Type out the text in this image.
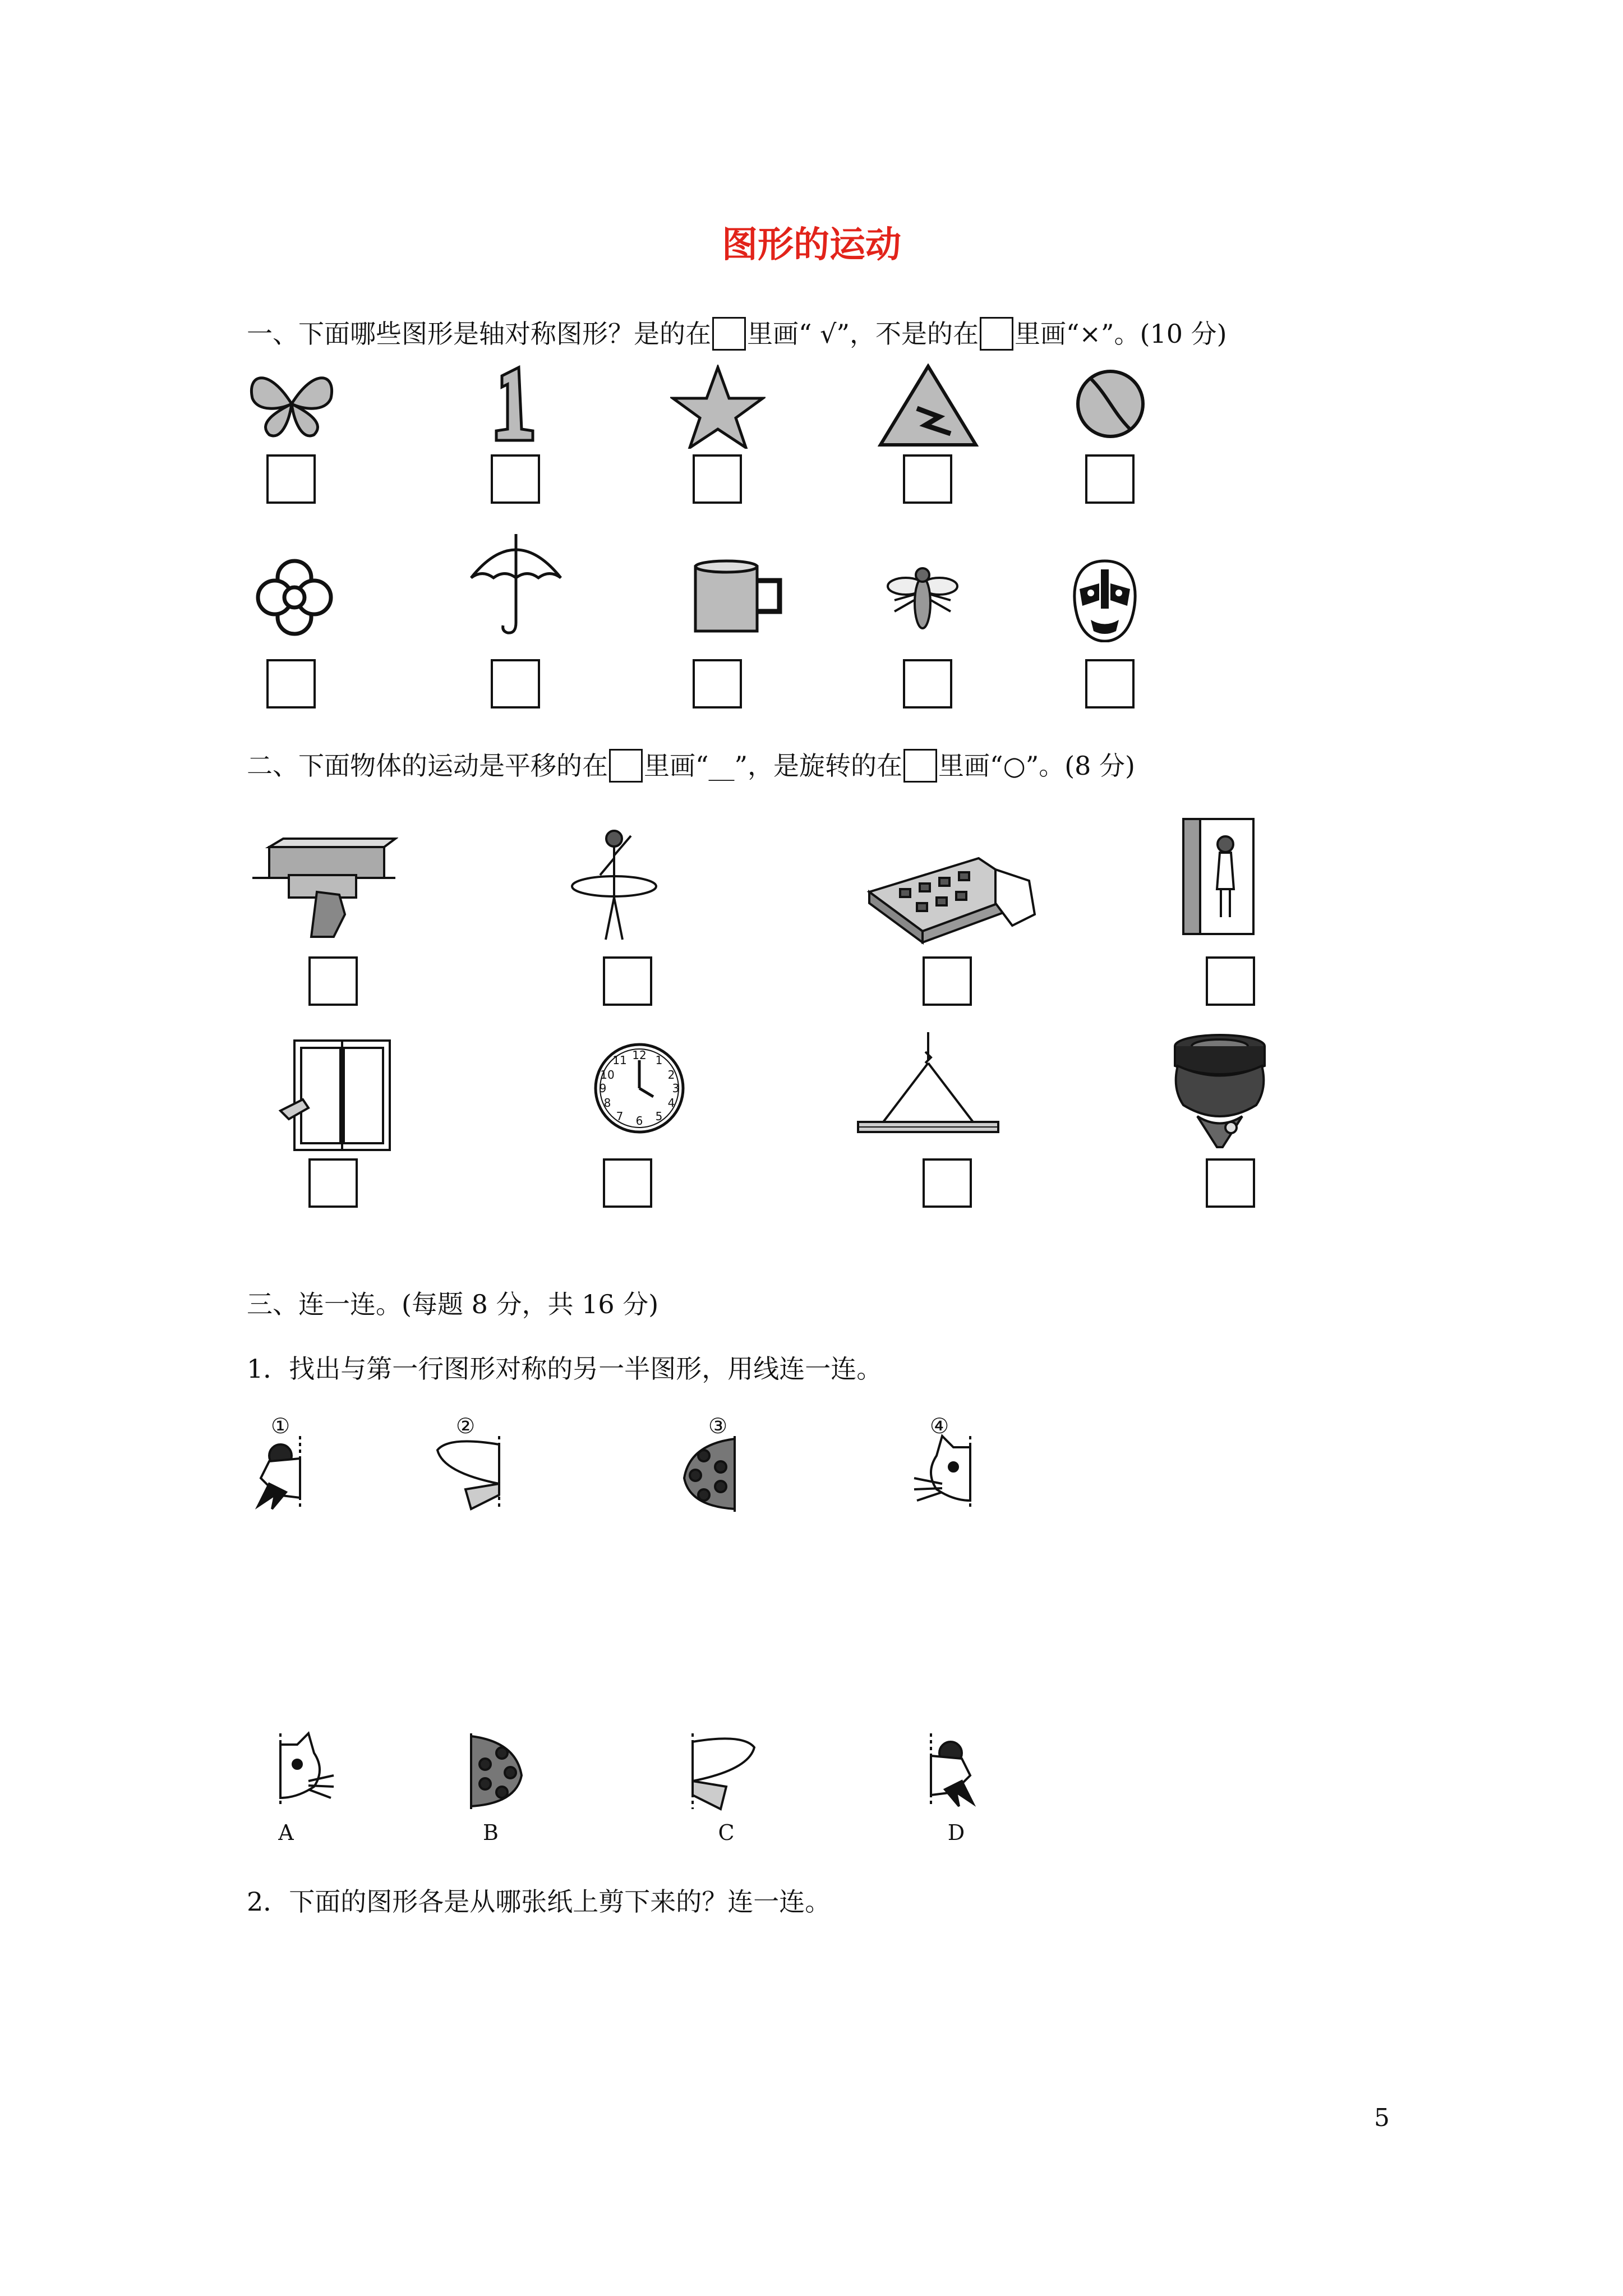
图形的运动
一、下面哪些图形是轴对称图形？是的在 里画“ √”，不是的在 里画“×”。(10 分)
二、下面物体的运动是平移的在 里画“__”，是旋转的在 里画“○”。(8 分)
12 1
2
3
4
5
6
7
8
9
10
11
三、连一连。(每题 8 分，共 16 分)
1．找出与第一行图形对称的另一半图形，用线连一连。
①	②	③	④
A	B	C	D
2．下面的图形各是从哪张纸上剪下来的？连一连。
5
